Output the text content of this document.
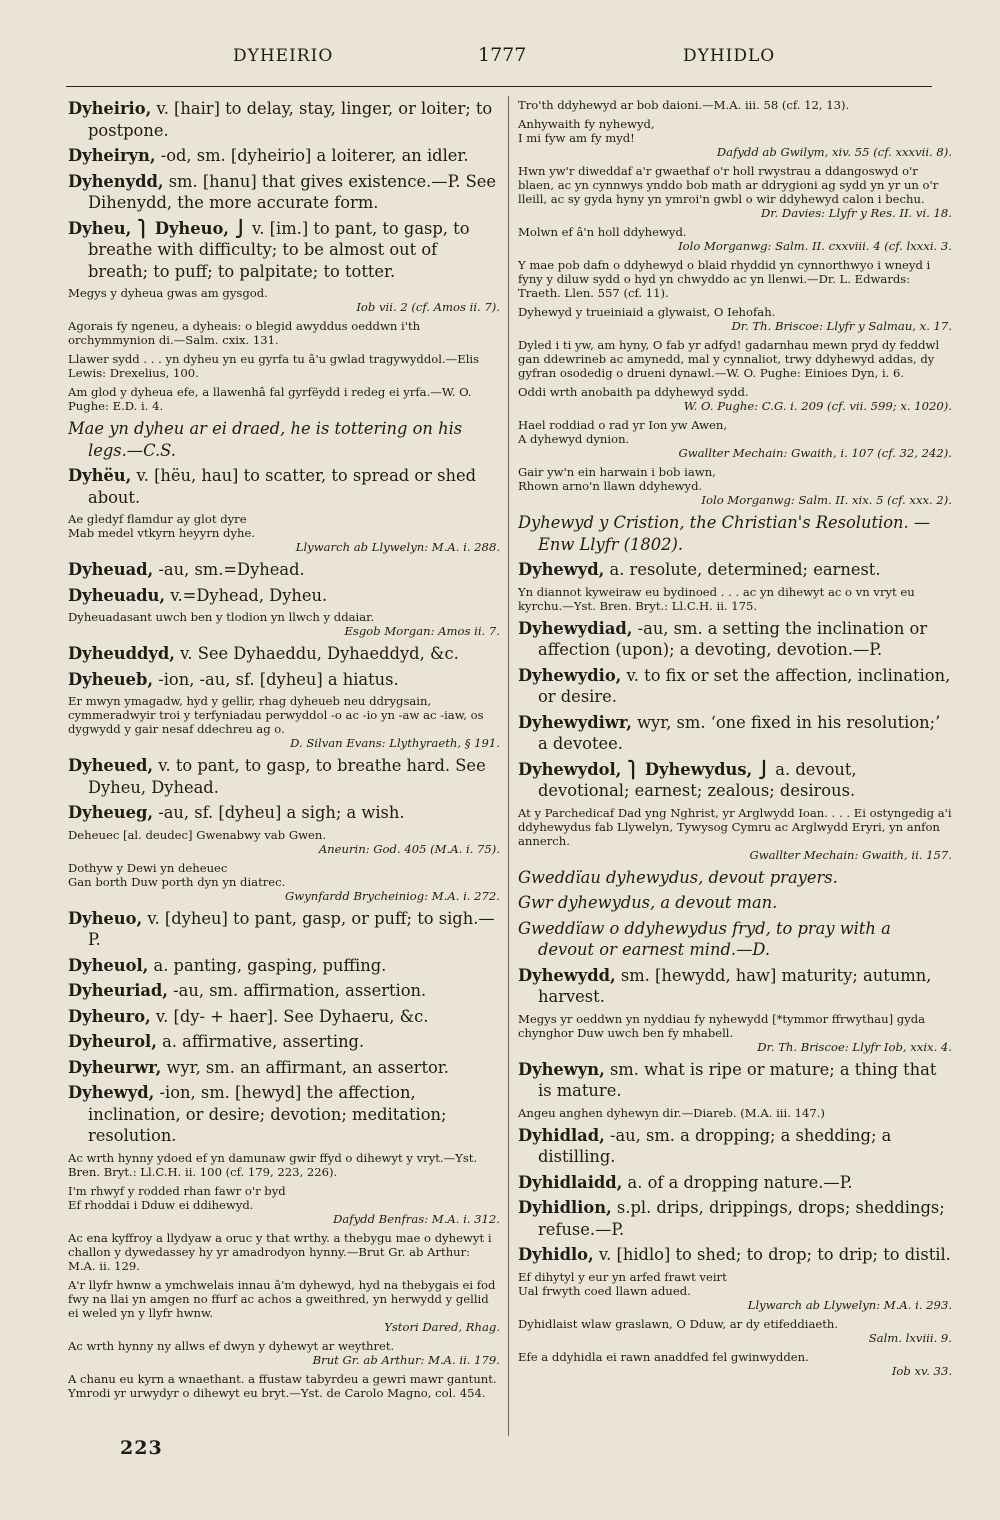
DYHEIRIO	1777	DYHIDLO
Dyheirio, v. [hair] to delay, stay, linger, or loiter; to postpone.
Dyheiryn, -od, sm. [dyheirio] a loiterer, an idler.
Dyhenydd, sm. [hanu] that gives existence.—P. See Dihenydd, the more accurate form.
Dyheu, ⎫ Dyheuo, ⎭ v. [im.] to pant, to gasp, to breathe with difficulty; to be almost out of breath; to puff; to palpitate; to totter.
Megys y dyheua gwas am gysgod.
Iob vii. 2 (cf. Amos ii. 7).
Agorais fy ngeneu, a dyheais: o blegid awyddus oeddwn i'th orchymmynion di.—Salm. cxix. 131.
Llawer sydd . . . yn dyheu yn eu gyrfa tu â'u gwlad tragywyddol.—Elis Lewis: Drexelius, 100.
Am glod y dyheua efe, a llawenhâ fal gyrfëydd i redeg ei yrfa.—W. O. Pughe: E.D. i. 4.
Mae yn dyheu ar ei draed, he is tottering on his legs.—C.S.
Dyhëu, v. [hëu, hau] to scatter, to spread or shed about.
Ae gledyf flamdur ay glot dyre
Mab medel vtkyrn heyyrn dyhe.
Llywarch ab Llywelyn: M.A. i. 288.
Dyheuad, -au, sm.=Dyhead.
Dyheuadu, v.=Dyhead, Dyheu.
Dyheuadasant uwch ben y tlodion yn llwch y ddaiar.
Esgob Morgan: Amos ii. 7.
Dyheuddyd, v. See Dyhaeddu, Dyhaeddyd, &c.
Dyheueb, -ion, -au, sf. [dyheu] a hiatus.
Er mwyn ymagadw, hyd y gellir, rhag dyheueb neu ddrygsain, cymmeradwyir troi y terfyniadau perwyddol -o ac -io yn -aw ac -iaw, os dygwydd y gair nesaf ddechreu ag o.
D. Silvan Evans: Llythyraeth, § 191.
Dyheued, v. to pant, to gasp, to breathe hard. See Dyheu, Dyhead.
Dyheueg, -au, sf. [dyheu] a sigh; a wish.
Deheuec [al. deudec] Gwenabwy vab Gwen.
Aneurin: God. 405 (M.A. i. 75).
Dothyw y Dewi yn deheuec
Gan borth Duw porth dyn yn diatrec.
Gwynfardd Brycheiniog: M.A. i. 272.
Dyheuo, v. [dyheu] to pant, gasp, or puff; to sigh.—P.
Dyheuol, a. panting, gasping, puffing.
Dyheuriad, -au, sm. affirmation, assertion.
Dyheuro, v. [dy- + haer]. See Dyhaeru, &c.
Dyheurol, a. affirmative, asserting.
Dyheurwr, wyr, sm. an affirmant, an assertor.
Dyhewyd, -ion, sm. [hewyd] the affection, inclination, or desire; devotion; meditation; resolution.
Ac wrth hynny ydoed ef yn damunaw gwir ffyd o dihewyt y vryt.—Yst. Bren. Bryt.: Ll.C.H. ii. 100 (cf. 179, 223, 226).
I'm rhwyf y rodded rhan fawr o'r byd
Ef rhoddai i Dduw ei ddihewyd.
Dafydd Benfras: M.A. i. 312.
Ac ena kyffroy a llydyaw a oruc y that wrthy. a thebygu mae o dyhewyt i challon y dywedassey hy yr amadrodyon hynny.—Brut Gr. ab Arthur: M.A. ii. 129.
A'r llyfr hwnw a ymchwelais innau â'm dyhewyd, hyd na thebygais ei fod fwy na llai yn amgen no ffurf ac achos a gweithred, yn herwydd y gellid ei weled yn y llyfr hwnw.
Ystori Dared, Rhag.
Ac wrth hynny ny allws ef dwyn y dyhewyt ar weythret.
Brut Gr. ab Arthur: M.A. ii. 179.
A chanu eu kyrn a wnaethant. a ffustaw tabyrdeu a gewri mawr gantunt. Ymrodi yr urwydyr o dihewyt eu bryt.—Yst. de Carolo Magno, col. 454.
Tro'th ddyhewyd ar bob daioni.—M.A. iii. 58 (cf. 12, 13).
Anhywaith fy nyhewyd,
I mi fyw am fy myd!
Dafydd ab Gwilym, xiv. 55 (cf. xxxvii. 8).
Hwn yw'r diweddaf a'r gwaethaf o'r holl rwystrau a ddangoswyd o'r blaen, ac yn cynnwys ynddo bob math ar ddrygioni ag sydd yn yr un o'r lleill, ac sy gyda hyny yn ymroi'n gwbl o wir ddyhewyd calon i bechu.
Dr. Davies: Llyfr y Res. II. vi. 18.
Molwn ef â'n holl ddyhewyd.
Iolo Morganwg: Salm. II. cxxviii. 4 (cf. lxxxi. 3.
Y mae pob dafn o ddyhewyd o blaid rhyddid yn cynnorthwyo i wneyd i fyny y diluw sydd o hyd yn chwyddo ac yn llenwi.—Dr. L. Edwards: Traeth. Llen. 557 (cf. 11).
Dyhewyd y trueiniaid a glywaist, O Iehofah.
Dr. Th. Briscoe: Llyfr y Salmau, x. 17.
Dyled i ti yw, am hyny, O fab yr adfyd! gadarnhau mewn pryd dy feddwl gan ddewrineb ac amynedd, mal y cynnaliot, trwy ddyhewyd addas, dy gyfran osodedig o drueni dynawl.—W. O. Pughe: Einioes Dyn, i. 6.
Oddi wrth anobaith pa ddyhewyd sydd.
W. O. Pughe: C.G. i. 209 (cf. vii. 599; x. 1020).
Hael roddiad o rad yr Ion yw Awen,
A dyhewyd dynion.
Gwallter Mechain: Gwaith, i. 107 (cf. 32, 242).
Gair yw'n ein harwain i bob iawn,
Rhown arno'n llawn ddyhewyd.
Iolo Morganwg: Salm. II. xix. 5 (cf. xxx. 2).
Dyhewyd y Cristion, the Christian's Resolution. —Enw Llyfr (1802).
Dyhewyd, a. resolute, determined; earnest.
Yn diannot kyweiraw eu bydinoed . . . ac yn dihewyt ac o vn vryt eu kyrchu.—Yst. Bren. Bryt.: Ll.C.H. ii. 175.
Dyhewydiad, -au, sm. a setting the inclination or affection (upon); a devoting, devotion.—P.
Dyhewydio, v. to fix or set the affection, inclination, or desire.
Dyhewydiwr, wyr, sm. ‘one fixed in his resolution;’ a devotee.
Dyhewydol, ⎫ Dyhewydus, ⎭ a. devout, devotional; earnest; zealous; desirous.
At y Parchedicaf Dad yng Nghrist, yr Arglwydd Ioan. . . . Ei ostyngedig a'i ddyhewydus fab Llywelyn, Tywysog Cymru ac Arglwydd Eryri, yn anfon annerch.
Gwallter Mechain: Gwaith, ii. 157.
Gweddïau dyhewydus, devout prayers.
Gwr dyhewydus, a devout man.
Gweddïaw o ddyhewydus fryd, to pray with a devout or earnest mind.—D.
Dyhewydd, sm. [hewydd, haw] maturity; autumn, harvest.
Megys yr oeddwn yn nyddiau fy nyhewydd [*tymmor ffrwythau] gyda chynghor Duw uwch ben fy mhabell.
Dr. Th. Briscoe: Llyfr Iob, xxix. 4.
Dyhewyn, sm. what is ripe or mature; a thing that is mature.
Angeu anghen dyhewyn dir.—Diareb. (M.A. iii. 147.)
Dyhidlad, -au, sm. a dropping; a shedding; a distilling.
Dyhidlaidd, a. of a dropping nature.—P.
Dyhidlion, s.pl. drips, drippings, drops; sheddings; refuse.—P.
Dyhidlo, v. [hidlo] to shed; to drop; to drip; to distil.
Ef dihytyl y eur yn arfed frawt veirt
Ual frwyth coed llawn adued.
Llywarch ab Llywelyn: M.A. i. 293.
Dyhidlaist wlaw graslawn, O Dduw, ar dy etifeddiaeth.
Salm. lxviii. 9.
Efe a ddyhidla ei rawn anaddfed fel gwinwydden.
Iob xv. 33.
223
